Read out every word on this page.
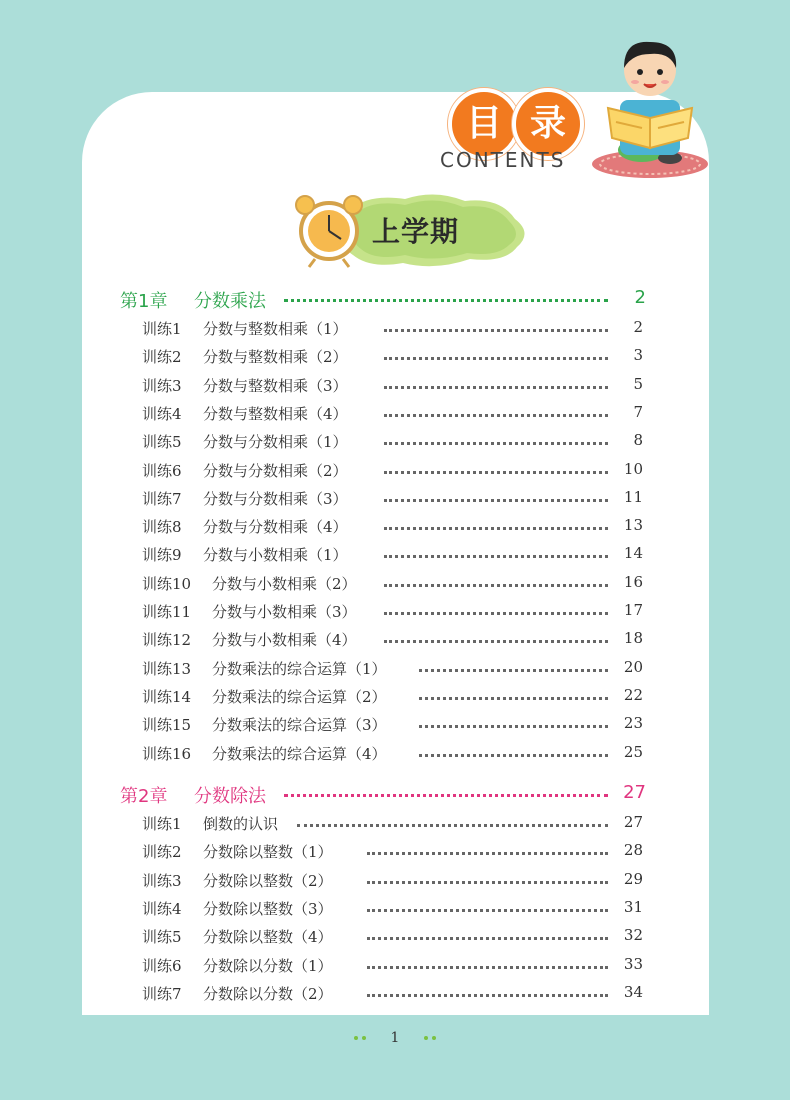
目 录
CONTENTS
上学期
第1章 分数乘法	2
训练1 分数与整数相乘（1）	2
训练2 分数与整数相乘（2）	3
训练3 分数与整数相乘（3）	5
训练4 分数与整数相乘（4）	7
训练5 分数与分数相乘（1）	8
训练6 分数与分数相乘（2）	10
训练7 分数与分数相乘（3）	11
训练8 分数与分数相乘（4）	13
训练9 分数与小数相乘（1）	14
训练10 分数与小数相乘（2）	16
训练11 分数与小数相乘（3）	17
训练12 分数与小数相乘（4）	18
训练13 分数乘法的综合运算（1）	20
训练14 分数乘法的综合运算（2）	22
训练15 分数乘法的综合运算（3）	23
训练16 分数乘法的综合运算（4）	25
第2章 分数除法	27
训练1 倒数的认识	27
训练2 分数除以整数（1）	28
训练3 分数除以整数（2）	29
训练4 分数除以整数（3）	31
训练5 分数除以整数（4）	32
训练6 分数除以分数（1）	33
训练7 分数除以分数（2）	34
1
